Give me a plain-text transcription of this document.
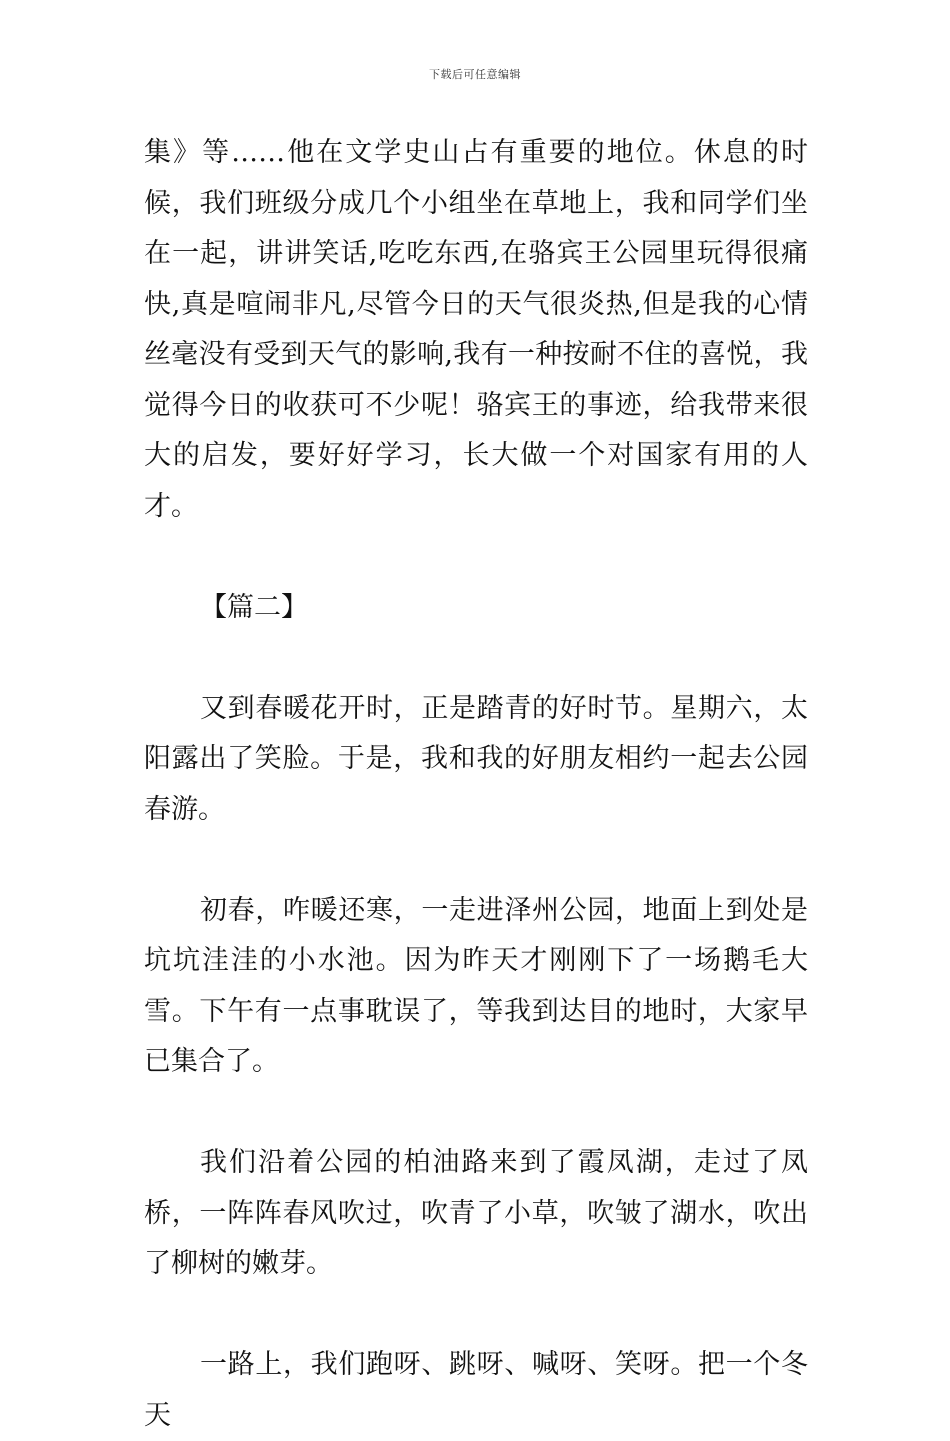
下载后可任意编辑

集》等……他在文学史山占有重要的地位。休息的时候，我们班级分成几个小组坐在草地上，我和同学们坐在一起，讲讲笑话,吃吃东西,在骆宾王公园里玩得很痛快,真是喧闹非凡,尽管今日的天气很炎热,但是我的心情丝毫没有受到天气的影响,我有一种按耐不住的喜悦，我觉得今日的收获可不少呢！骆宾王的事迹，给我带来很大的启发，要好好学习，长大做一个对国家有用的人才。

【篇二】

又到春暖花开时，正是踏青的好时节。星期六，太阳露出了笑脸。于是，我和我的好朋友相约一起去公园春游。

初春，咋暖还寒，一走进泽州公园，地面上到处是坑坑洼洼的小水池。因为昨天才刚刚下了一场鹅毛大雪。下午有一点事耽误了，等我到达目的地时，大家早已集合了。

我们沿着公园的柏油路来到了霞凤湖，走过了凤桥，一阵阵春风吹过，吹青了小草，吹皱了湖水，吹出了柳树的嫩芽。

一路上，我们跑呀、跳呀、喊呀、笑呀。把一个冬天
